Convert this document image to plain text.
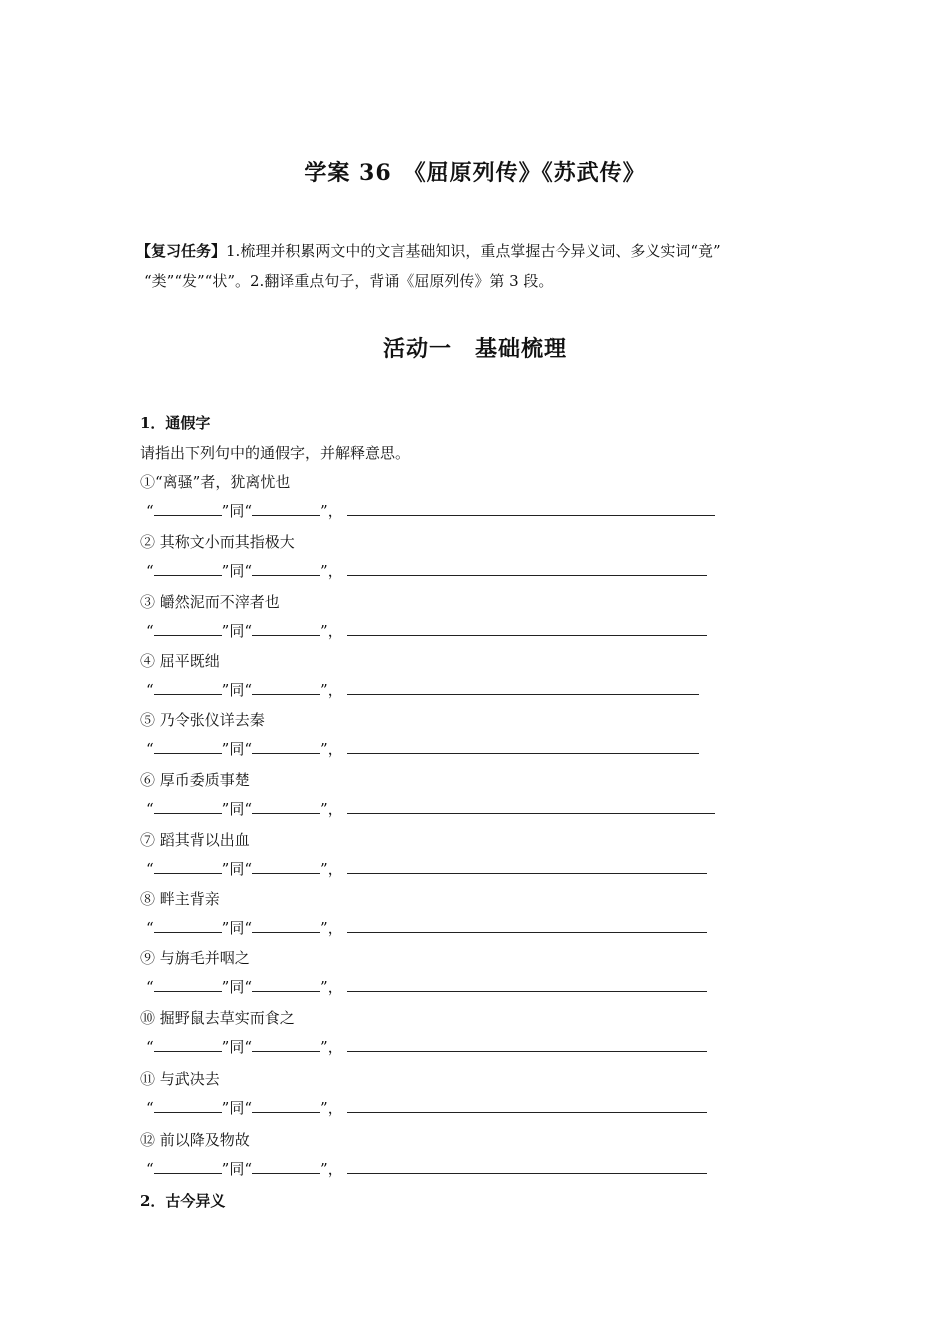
学案 36　《屈原列传》《苏武传》
【复习任务】1.梳理并积累两文中的文言基础知识，重点掌握古今异义词、多义实词“竟”
“类”“发”“状”。2.翻译重点句子，背诵《屈原列传》第 3 段。
活动一　基础梳理
1．通假字
请指出下列句中的通假字，并解释意思。
①“离骚”者，犹离忧也
“	”同“	”，
② 其称文小而其指极大
“	”同“	”，
③ 皭然泥而不滓者也
“	”同“	”，
④ 屈平既绌
“	”同“	”，
⑤ 乃令张仪详去秦
“	”同“	”，
⑥ 厚币委质事楚
“	”同“	”，
⑦ 蹈其背以出血
“	”同“	”，
⑧ 畔主背亲
“	”同“	”，
⑨ 与旃毛并咽之
“	”同“	”，
⑩ 掘野鼠去草实而食之
“	”同“	”，
⑪ 与武决去
“	”同“	”，
⑫ 前以降及物故
“	”同“	”，
2．古今异义
